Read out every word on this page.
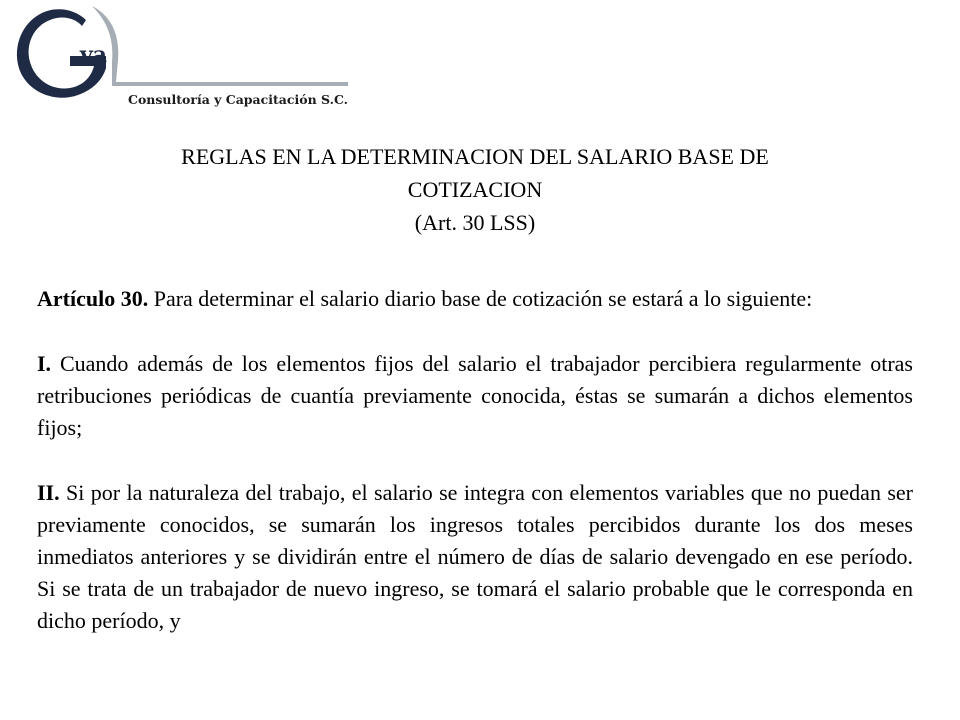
va
Consultoría y Capacitación S.C.
REGLAS EN LA DETERMINACION DEL SALARIO BASE DE
COTIZACION
(Art. 30 LSS)

Artículo 30. Para determinar el salario diario base de cotización se estará a lo siguiente:

I. Cuando además de los elementos fijos del salario el trabajador percibiera regularmente otras retribuciones periódicas de cuantía previamente conocida, éstas se sumarán a dichos elementos fijos;

II. Si por la naturaleza del trabajo, el salario se integra con elementos variables que no puedan ser previamente conocidos, se sumarán los ingresos totales percibidos durante los dos meses inmediatos anteriores y se dividirán entre el número de días de salario devengado en ese período. Si se trata de un trabajador de nuevo ingreso, se tomará el salario probable que le corresponda en dicho período, y
